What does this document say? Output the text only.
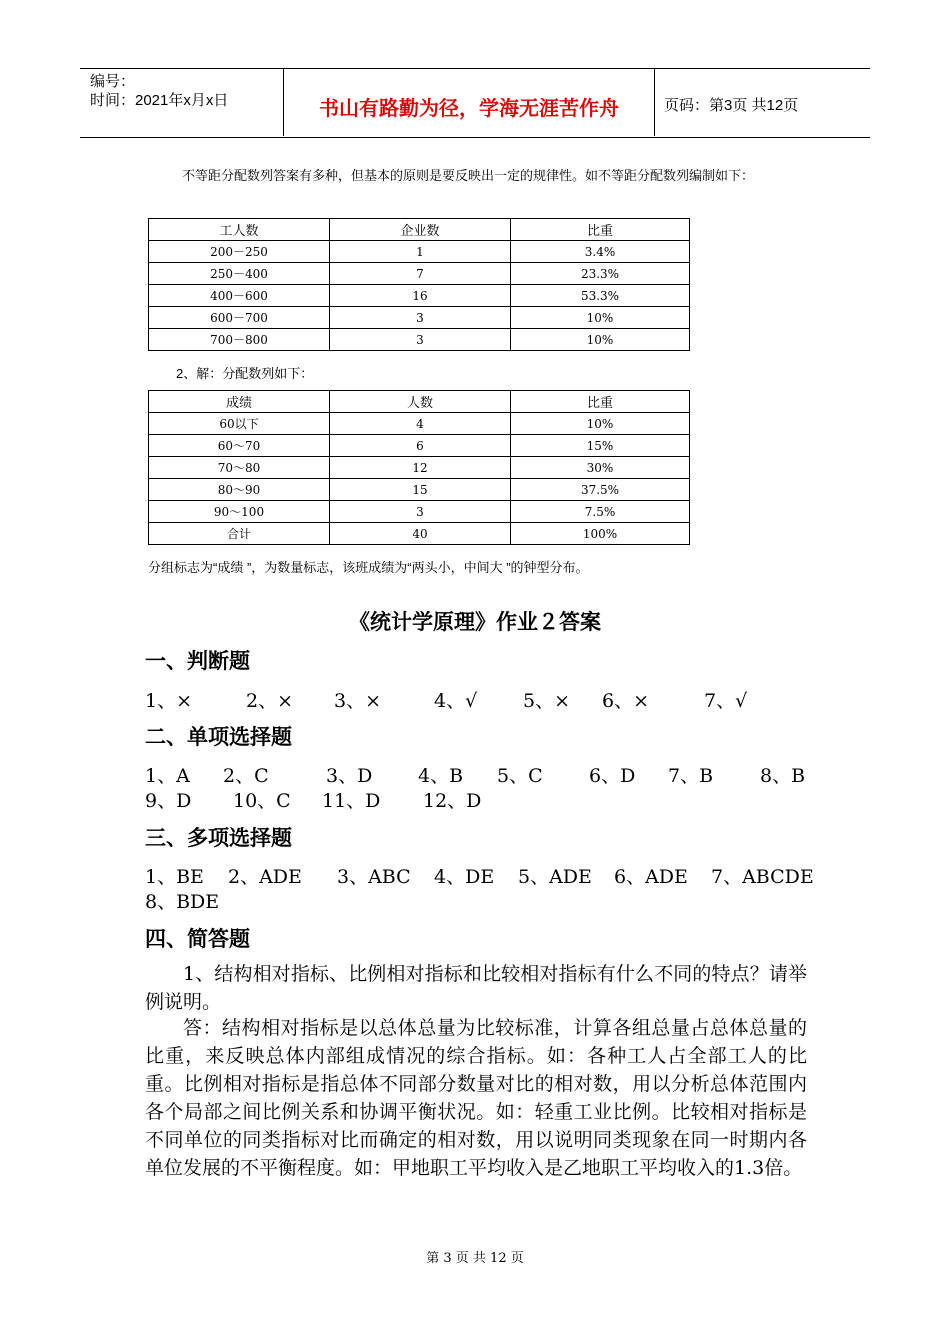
编号：
时间：2021年x月x日	书山有路勤为径，学海无涯苦作舟	页码：第3页 共12页
不等距分配数列答案有多种，但基本的原则是要反映出一定的规律性。如不等距分配数列编制如下：
工人数	企业数	比重
200－250	1	3.4%
250－400	7	23.3%
400－600	16	53.3%
600－700	3	10%
700－800	3	10%
2、解：分配数列如下：
成绩	人数	比重
60以下	4	10%
60～70	6	15%
70～80	12	30%
80～90	15	37.5%
90～100	3	7.5%
合计	40	100%
分组标志为“成绩 ”，为数量标志，该班成绩为“两头小，中间大 ”的钟型分布。
《统计学原理》作业２答案
一、判断题
1、×	2、× 3、×	4、√ 5、× 6、×	7、√
二、单项选择题
1、A 2、C	3、D 4、B 5、C 6、D 7、B 8、B
9、D 10、C 11、D 12、D
三、多项选择题
1、BE 2、ADE 3、ABC 4、DE 5、ADE 6、ADE 7、ABCDE
8、BDE
四、简答题
1、结构相对指标、比例相对指标和比较相对指标有什么不同的特点？请举例说明。
答：结构相对指标是以总体总量为比较标准，计算各组总量占总体总量的比重，来反映总体内部组成情况的综合指标。如：各种工人占全部工人的比重。比例相对指标是指总体不同部分数量对比的相对数，用以分析总体范围内各个局部之间比例关系和协调平衡状况。如：轻重工业比例。比较相对指标是不同单位的同类指标对比而确定的相对数，用以说明同类现象在同一时期内各单位发展的不平衡程度。如：甲地职工平均收入是乙地职工平均收入的1.3倍。
第 3 页 共 12 页
